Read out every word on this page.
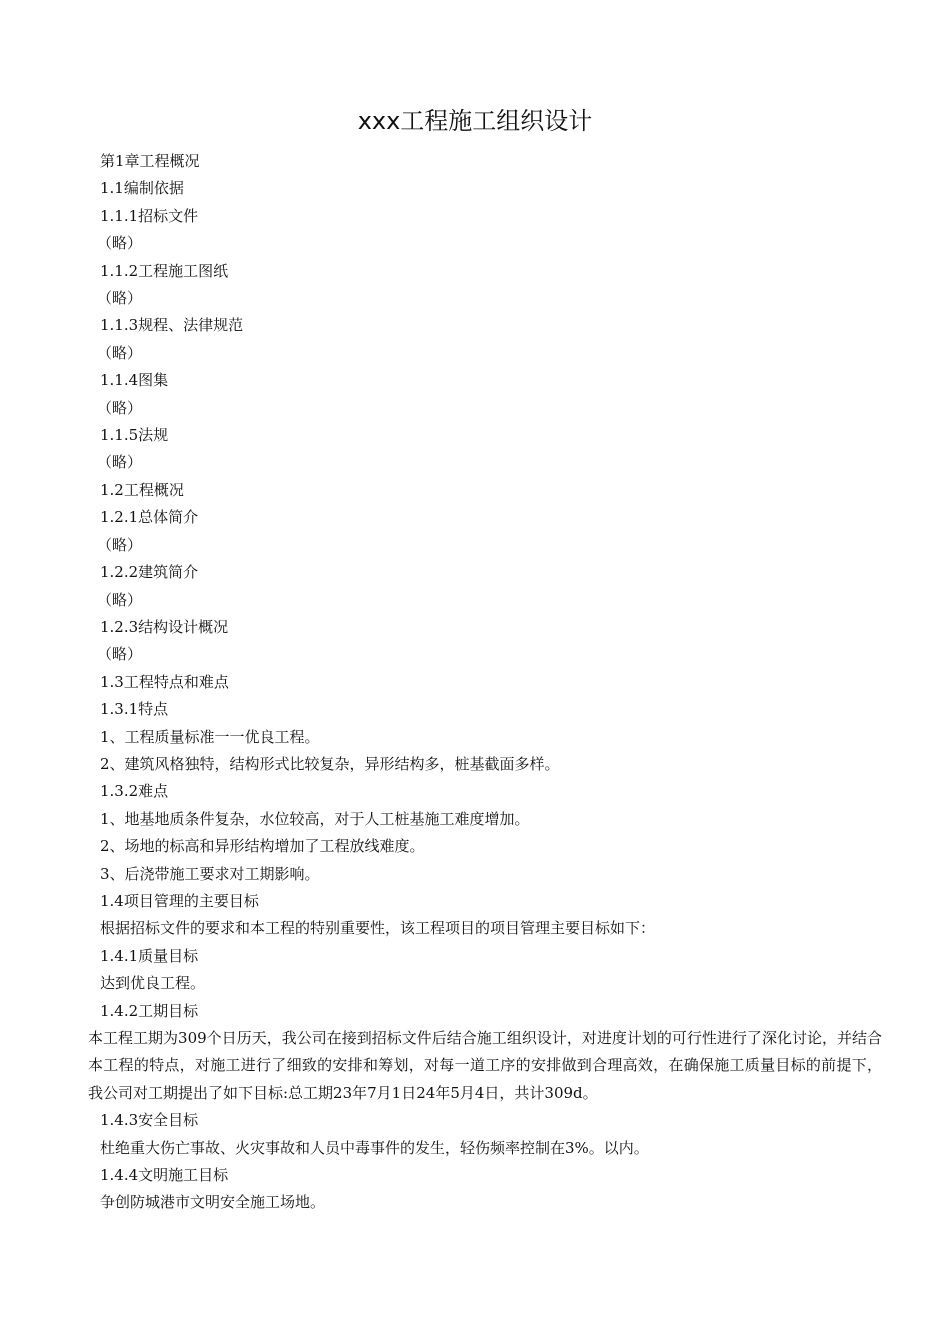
xxx工程施工组织设计

第1章工程概况

1.1编制依据

1.1.1招标文件

（略）

1.1.2工程施工图纸

（略）

1.1.3规程、法律规范

（略）

1.1.4图集

（略）

1.1.5法规

（略）

1.2工程概况

1.2.1总体简介

（略）

1.2.2建筑简介

（略）

1.2.3结构设计概况

（略）

1.3工程特点和难点

1.3.1特点

1、工程质量标准一一优良工程。

2、建筑风格独特，结构形式比较复杂，异形结构多，桩基截面多样。

1.3.2难点

1、地基地质条件复杂，水位较高，对于人工桩基施工难度增加。

2、场地的标高和异形结构增加了工程放线难度。

3、后浇带施工要求对工期影响。

1.4项目管理的主要目标

根据招标文件的要求和本工程的特别重要性，该工程项目的项目管理主要目标如下：

1.4.1质量目标

达到优良工程。

1.4.2工期目标

本工程工期为309个日历天，我公司在接到招标文件后结合施工组织设计，对进度计划的可行性进行了深化讨论，并结合本工程的特点，对施工进行了细致的安排和筹划，对每一道工序的安排做到合理高效，在确保施工质量目标的前提下，我公司对工期提出了如下目标:总工期23年7月1日24年5月4日，共计309d。

1.4.3安全目标

杜绝重大伤亡事故、火灾事故和人员中毒事件的发生，轻伤频率控制在3%。以内。

1.4.4文明施工目标

争创防城港市文明安全施工场地。
